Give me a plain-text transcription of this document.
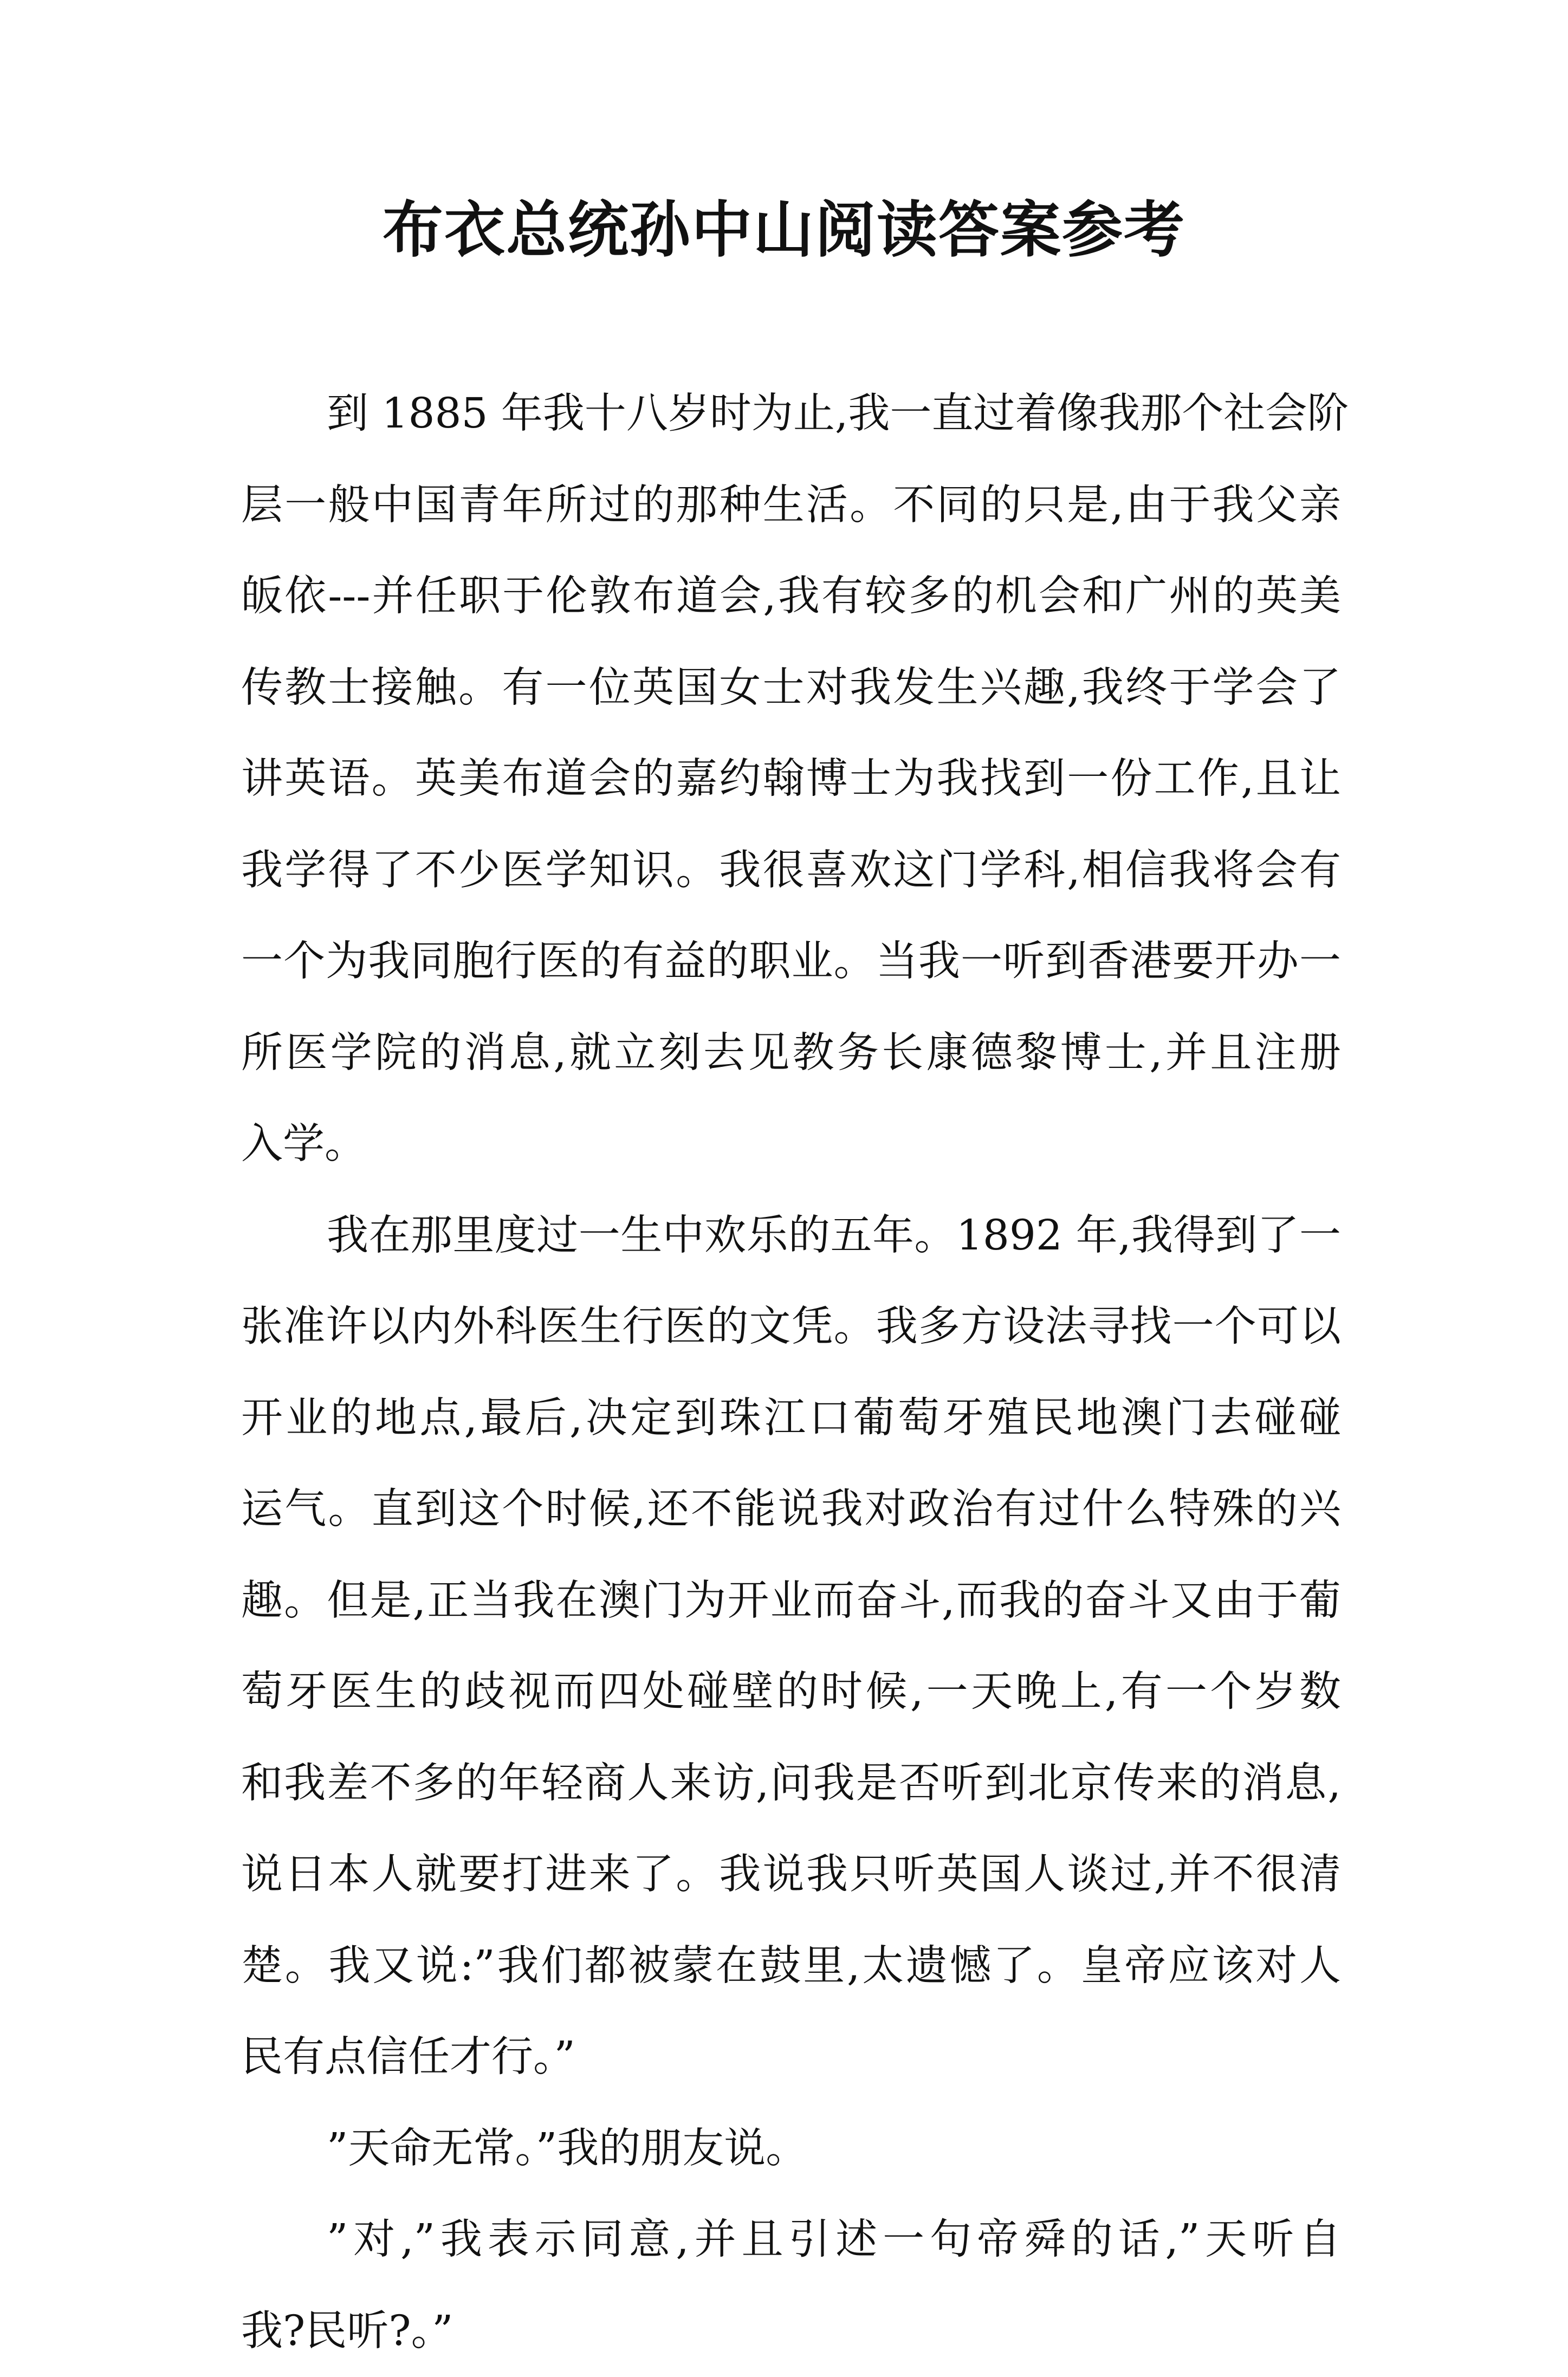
布衣总统孙中山阅读答案参考
到 1885 年我十八岁时为止,我一直过着像我那个社会阶
层一般中国青年所过的那种生活。不同的只是,由于我父亲
皈依---并任职于伦敦布道会,我有较多的机会和广州的英美
传教士接触。有一位英国女士对我发生兴趣,我终于学会了
讲英语。英美布道会的嘉约翰博士为我找到一份工作,且让
我学得了不少医学知识。我很喜欢这门学科,相信我将会有
一个为我同胞行医的有益的职业。当我一听到香港要开办一
所医学院的消息,就立刻去见教务长康德黎博士,并且注册
入学。
我在那里度过一生中欢乐的五年。1892 年,我得到了一
张准许以内外科医生行医的文凭。我多方设法寻找一个可以
开业的地点,最后,决定到珠江口葡萄牙殖民地澳门去碰碰
运气。直到这个时候,还不能说我对政治有过什么特殊的兴
趣。但是,正当我在澳门为开业而奋斗,而我的奋斗又由于葡
萄牙医生的歧视而四处碰壁的时候,一天晚上,有一个岁数
和我差不多的年轻商人来访,问我是否听到北京传来的消息,
说日本人就要打进来了。我说我只听英国人谈过,并不很清
楚。我又说:”我们都被蒙在鼓里,太遗憾了。皇帝应该对人
民有点信任才行。”
”天命无常。”我的朋友说。
”对,”我表示同意,并且引述一句帝舜的话,”天听自
我?民听?。”
